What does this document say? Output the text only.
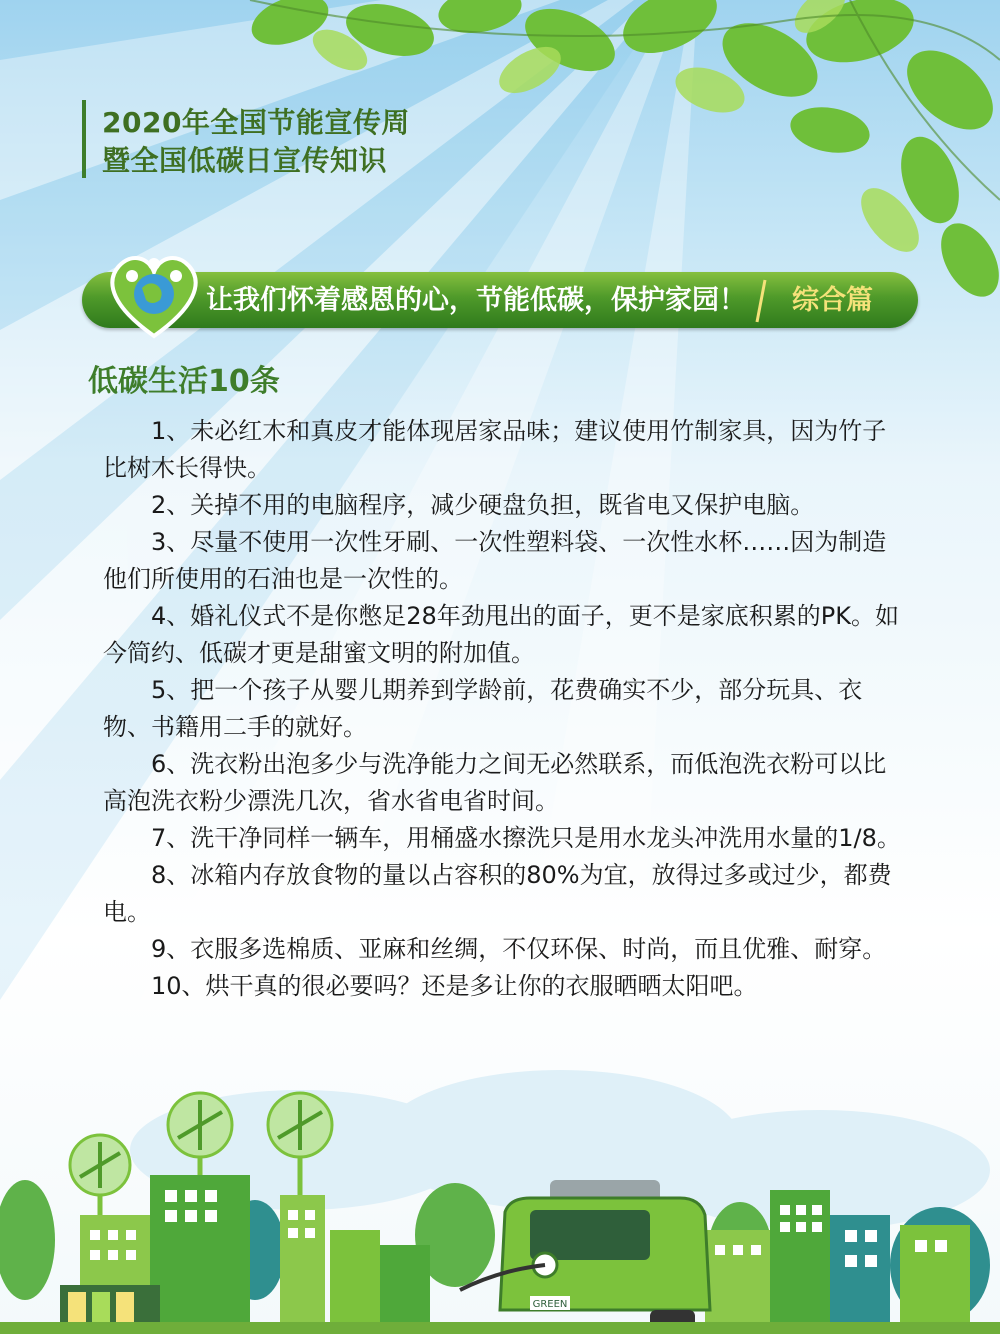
2020年全国节能宣传周
暨全国低碳日宣传知识
让我们怀着感恩的心，节能低碳，保护家园！ 综合篇
低碳生活10条

1、未必红木和真皮才能体现居家品味；建议使用竹制家具，因为竹子比树木长得快。

2、关掉不用的电脑程序，减少硬盘负担，既省电又保护电脑。

3、尽量不使用一次性牙刷、一次性塑料袋、一次性水杯……因为制造他们所使用的石油也是一次性的。

4、婚礼仪式不是你憋足28年劲甩出的面子，更不是家底积累的PK。如今简约、低碳才更是甜蜜文明的附加值。

5、把一个孩子从婴儿期养到学龄前，花费确实不少，部分玩具、衣物、书籍用二手的就好。

6、洗衣粉出泡多少与洗净能力之间无必然联系，而低泡洗衣粉可以比高泡洗衣粉少漂洗几次，省水省电省时间。

7、洗干净同样一辆车，用桶盛水擦洗只是用水龙头冲洗用水量的1/8。

8、冰箱内存放食物的量以占容积的80%为宜，放得过多或过少，都费电。

9、衣服多选棉质、亚麻和丝绸，不仅环保、时尚，而且优雅、耐穿。

10、烘干真的很必要吗？还是多让你的衣服晒晒太阳吧。

GREEN
